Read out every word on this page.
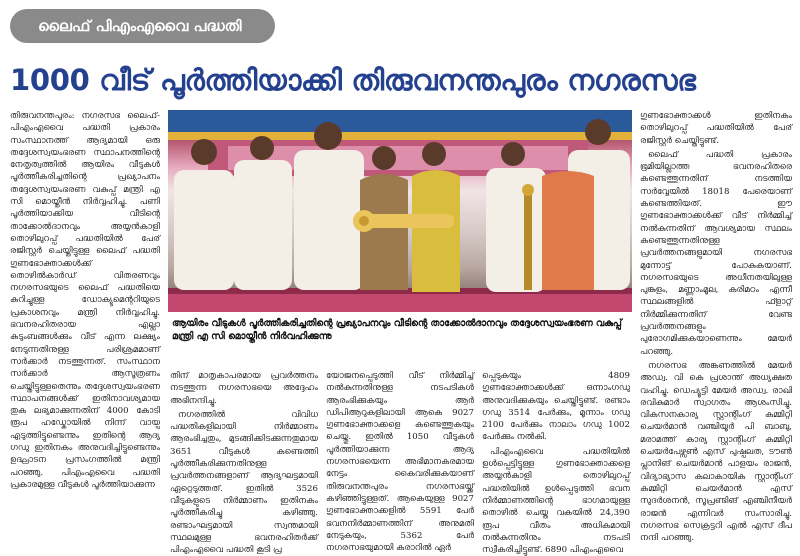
ലൈഫ് പിഎംഎവൈ പദ്ധതി
1000 വീട് പൂർത്തിയാക്കി തിരുവനന്തപുരം നഗരസഭ

തിരുവനന്തപുരം: നഗരസഭ ലൈഫ്-പിഎംഎവൈ പദ്ധതി പ്രകാരം സംസ്ഥാനത്ത് ആദ്യമായി ഒരു തദ്ദേശസ്വയംഭരണ സ്ഥാപനത്തിന്റെ നേതൃത്വത്തിൽ ആയിരം വീടുകൾ പൂർത്തീകരിച്ചതിന്റെ പ്രഖ്യാപനം തദ്ദേശസ്വയംഭരണ വകുപ്പ് മന്ത്രി എ സി മൊയ്തീൻ നിർവ്വഹിച്ചു. പണി പൂർത്തിയാക്കിയ വീടിന്റെ താക്കോൽദാനവും അയ്യൻകാളി തൊഴിലുറപ്പ് പദ്ധതിയിൽ പേര് രജിസ്റ്റർ ചെയ്തിട്ടുള്ള ലൈഫ് പദ്ധതി ഗുണഭോക്താക്കൾക്ക് തൊഴിൽകാർഡ് വിതരണവും നഗരസഭയുടെ ലൈഫ് പദ്ധതിയെ കുറിച്ചുള്ള ഡോക്യുമെന്ററിയുടെ പ്രകാശനവും മന്ത്രി നിർവ്വഹിച്ചു. ഭവനരഹിതരായ എല്ലാ കുടുംബങ്ങൾക്കും വീട് എന്ന ലക്ഷ്യം നേടുന്നതിനുള്ള പരിശ്രമമാണ് സർക്കാർ നടത്തുന്നത്. സംസ്ഥാന സർക്കാർ ആസൂത്രണം ചെയ്തിട്ടുള്ളതെന്നും തദ്ദേശസ്വയംഭരണ സ്ഥാപനങ്ങൾക്ക് ഇതിനാവശ്യമായ തുക ലഭ്യമാക്കുന്നതിന് 4000 കോടി രൂപ ഹഡ്കോയിൽ നിന്ന് വായ്പ എടുത്തിട്ടുണ്ടെന്നും ഇതിന്റെ ആദ്യ ഗഡു ഇതിനകം അനുവദിച്ചിട്ടുണ്ടെന്നും ഉദ്ഘാടന പ്രസംഗത്തിൽ മന്ത്രി പറഞ്ഞു. പിഎംഎവൈ പദ്ധതി പ്രകാരമുള്ള വീടുകൾ പൂർത്തിയാക്കുന്ന

ആയിരം വീടുകള്‍ പൂര്‍ത്തീകരിച്ചതിന്റെ പ്രഖ്യാപനവും വീടിന്റെ താക്കോല്‍ദാനവും തദ്ദേശസ്വയംഭരണ വകുപ്പ് മന്ത്രി എ സി മൊയ്തീന്‍ നിര്‍വഹിക്കുന്നു

തിന് മാതൃകാപരമായ പ്രവർത്തനം നടത്തുന്ന നഗരസഭയെ അദ്ദേഹം അഭിനന്ദിച്ചു.

നഗരത്തിൽ വിവിധ പദ്ധതികളിലായി നിർമ്മാണം ആരംഭിച്ചതും, മുടങ്ങിക്കിടക്കുന്നതുമായ 3651 വീടുകൾ കണ്ടെത്തി പൂർത്തീകരിക്കുന്നതിനുള്ള പ്രവർത്തനങ്ങളാണ് ആദ്യഘട്ടമായി ഏറ്റെടുത്തത്. ഇതിൽ 3526 വീടുകളുടെ നിർമ്മാണം ഇതിനകം പൂർത്തീകരിച്ചു കഴിഞ്ഞു. രണ്ടാംഘട്ടമായി സ്വന്തമായി സ്ഥലമുള്ള ഭവനരഹിതർക്ക് പിഎംഎവൈ പദ്ധതി കൂടി പ്ര

യോജനപ്പെടുത്തി വീട് നിർമ്മിച്ച് നൽകുന്നതിനുള്ള നടപടികൾ ആരംഭിക്കുകയും ആർ ഡിപിആറുകളിലായി ആകെ 9027 ഗുണഭോക്താക്കളെ കണ്ടെത്തുകയും ചെയ്തു. ഇതിൽ 1050 വീടുകൾ പൂർത്തിയാക്കുന്ന ആദ്യ നഗരസഭയെന്ന അഭിമാനകരമായ നേട്ടം കൈവരിക്കുകയാണ് തിരുവനന്തപുരം നഗരസഭയ്ക്ക് കഴിഞ്ഞിട്ടുള്ളത്. ആകെയുള്ള 9027 ഗുണഭോക്താക്കളിൽ 5591 പേർ ഭവനനിർമ്മാണത്തിന് അനുമതി നേടുകയും, 5362 പേർ നഗരസഭയുമായി കരാറിൽ ഏർ

പ്പെടുകയും 4809 ഗുണഭോക്താക്കൾക്ക് ഒന്നാംഗഡു അനുവദിക്കുകയും ചെയ്തിട്ടുണ്ട്. രണ്ടാം ഗഡു 3514 പേർക്കും, മൂന്നാം ഗഡു 2100 പേർക്കും നാലാം ഗഡു 1002 പേർക്കും നൽകി.

പിഎംഎവൈ പദ്ധതിയിൽ ഉൾപ്പെട്ടിട്ടുള്ള ഗുണഭോക്താക്കളെ അയ്യൻകാളി തൊഴിലുറപ്പ് പദ്ധതിയിൽ ഉൾപ്പെടുത്തി ഭവന നിർമ്മാണത്തിന്റെ ഭാഗമായുള്ള തൊഴിൽ ചെയ്ത വകയിൽ 24,390 രൂപ വീതം അധികമായി നൽകുന്നതിനും നടപടി സ്വീകരിച്ചിട്ടുണ്ട്. 6890 പിഎംഎവൈ

ഗുണഭോക്താക്കൾ ഇതിനകം തൊഴിലുറപ്പ് പദ്ധതിയിൽ പേര് രജിസ്റ്റർ ചെയ്തിട്ടുണ്ട്.

ലൈഫ് പദ്ധതി പ്രകാരം ഭൂമിയില്ലാത്ത ഭവനരഹിതരെ കണ്ടെത്തുന്നതിന് നടത്തിയ സർവ്വേയിൽ 18018 പേരെയാണ് കണ്ടെത്തിയത്. ഈ ഗുണഭോക്താക്കൾക്ക് വീട് നിർമ്മിച്ച് നൽകുന്നതിന് ആവശ്യമായ സ്ഥലം കണ്ടെത്തുന്നതിനുള്ള പ്രവർത്തനങ്ങളുമായി നഗരസഭ മുന്നോട്ട് പോകുകയാണ്. നഗരസഭയുടെ അധീനതയിലുള്ള പുങ്കുളം, മണ്ണാംമൂല, കരിമഠം എന്നീ സ്ഥലങ്ങളിൽ ഫ്ളാറ്റ് നിർമ്മിക്കുന്നതിന് വേണ്ട പ്രവർത്തനങ്ങളും പുരോഗമിക്കുകയാണെന്നും മേയർ പറഞ്ഞു.

നഗരസഭ അങ്കണത്തിൽ മേയർ അഡ്വ. വി കെ പ്രശാന്ത് അധ്യക്ഷത വഹിച്ചു. ഡെപ്യൂട്ടി മേയർ അഡ്വ. രാഖി രവികുമാർ സ്വാഗതം ആശംസിച്ചു. വികസനകാര്യ സ്റ്റാന്റിംഗ് കമ്മിറ്റി ചെയർമാൻ വഞ്ചിയൂർ പി ബാബു, മരാമത്ത് കാര്യ സ്റ്റാന്റിംഗ് കമ്മിറ്റി ചെയർപേഴ്സൺ എസ് പുഷ്പലത, ടൗൺ പ്ലാനിങ് ചെയർമാൻ പാളയം രാജൻ, വിദ്യാഭ്യാസ കലാകായിക സ്റ്റാന്റിംഗ് കമ്മിറ്റി ചെയർമാൻ എസ് സുദർശനൻ, സൂപ്രണ്ടിങ് എഞ്ചിനീയർ രാജൻ എന്നിവർ സംസാരിച്ചു. നഗരസഭ സെക്രട്ടറി എൽ എസ് ദീപ നന്ദി പറഞ്ഞു.
